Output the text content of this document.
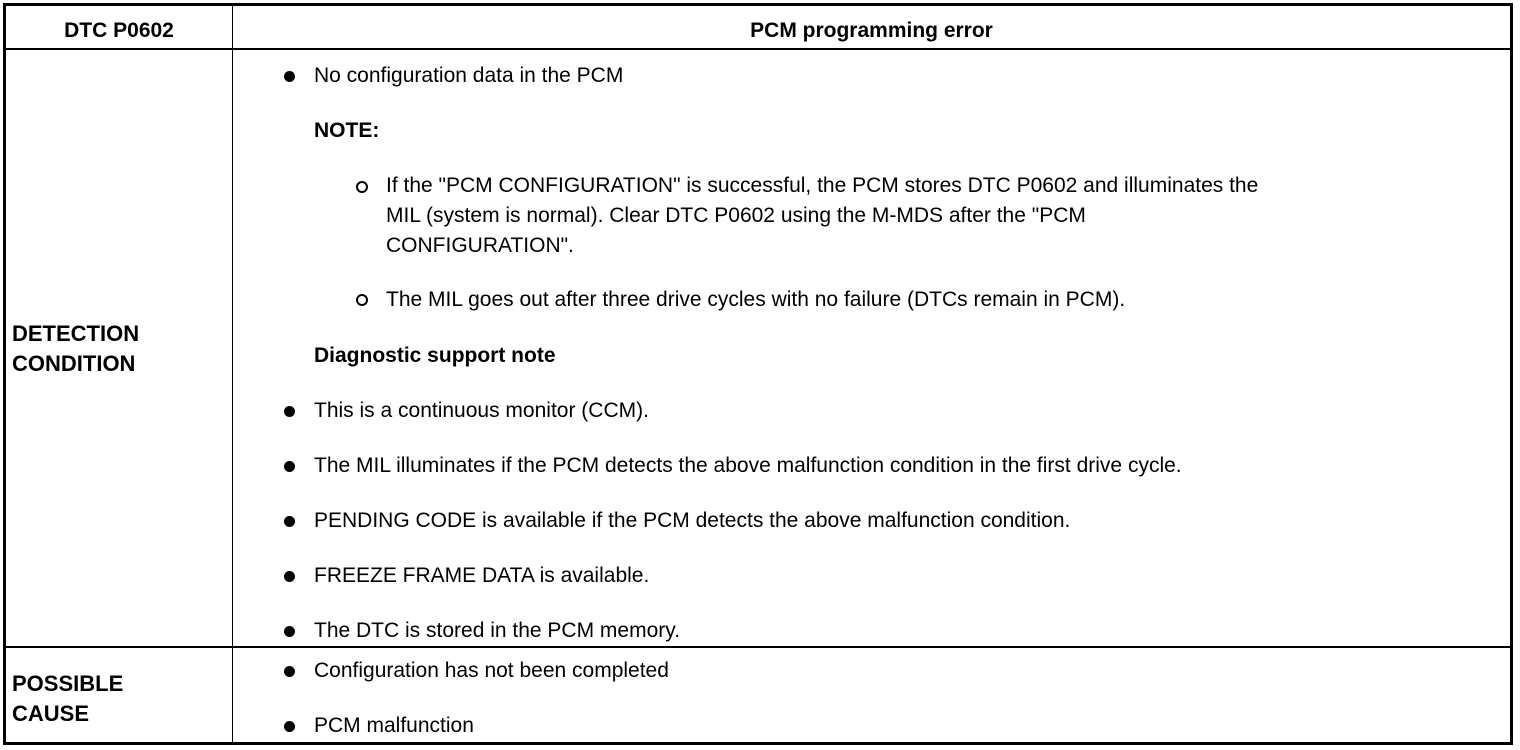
DTC P0602	PCM programming error
DETECTION
CONDITION
No configuration data in the PCM
NOTE:
If the "PCM CONFIGURATION" is successful, the PCM stores DTC P0602 and illuminates the
MIL (system is normal). Clear DTC P0602 using the M-MDS after the "PCM
CONFIGURATION".
The MIL goes out after three drive cycles with no failure (DTCs remain in PCM).
Diagnostic support note
This is a continuous monitor (CCM).
The MIL illuminates if the PCM detects the above malfunction condition in the first drive cycle.
PENDING CODE is available if the PCM detects the above malfunction condition.
FREEZE FRAME DATA is available.
The DTC is stored in the PCM memory.
POSSIBLE
CAUSE
Configuration has not been completed
PCM malfunction
